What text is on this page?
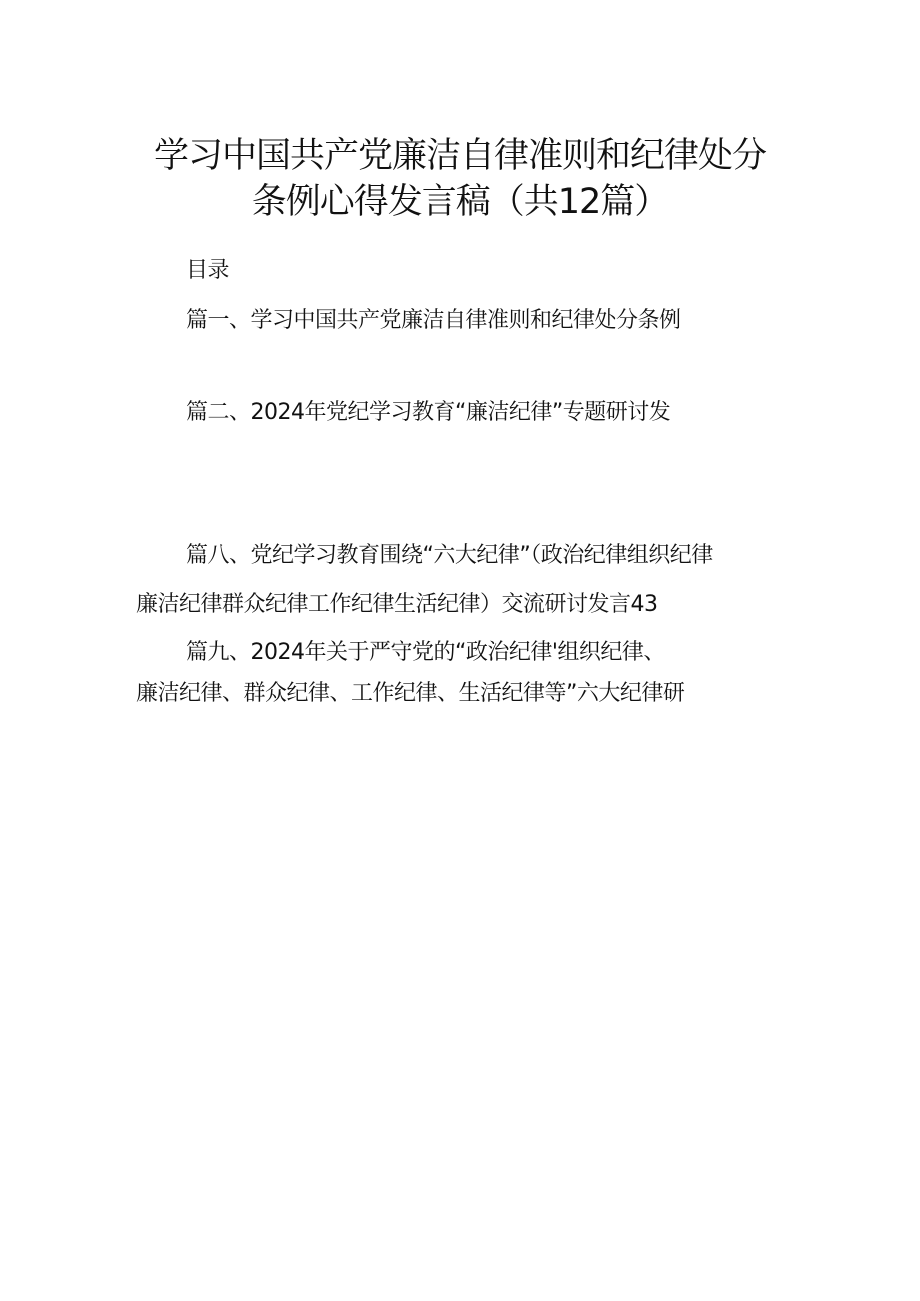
学习中国共产党廉洁自律准则和纪律处分
条例心得发言稿（共12篇）
目录
篇一、学习中国共产党廉洁自律准则和纪律处分条例
篇二、2024年党纪学习教育“廉洁纪律”专题研讨发
篇八、党纪学习教育围绕“六大纪律”（政治纪律组织纪律
廉洁纪律群众纪律工作纪律生活纪律）交流研讨发言43
篇九、2024年关于严守党的“政治纪律'组织纪律、
廉洁纪律、群众纪律、工作纪律、生活纪律等”六大纪律研
